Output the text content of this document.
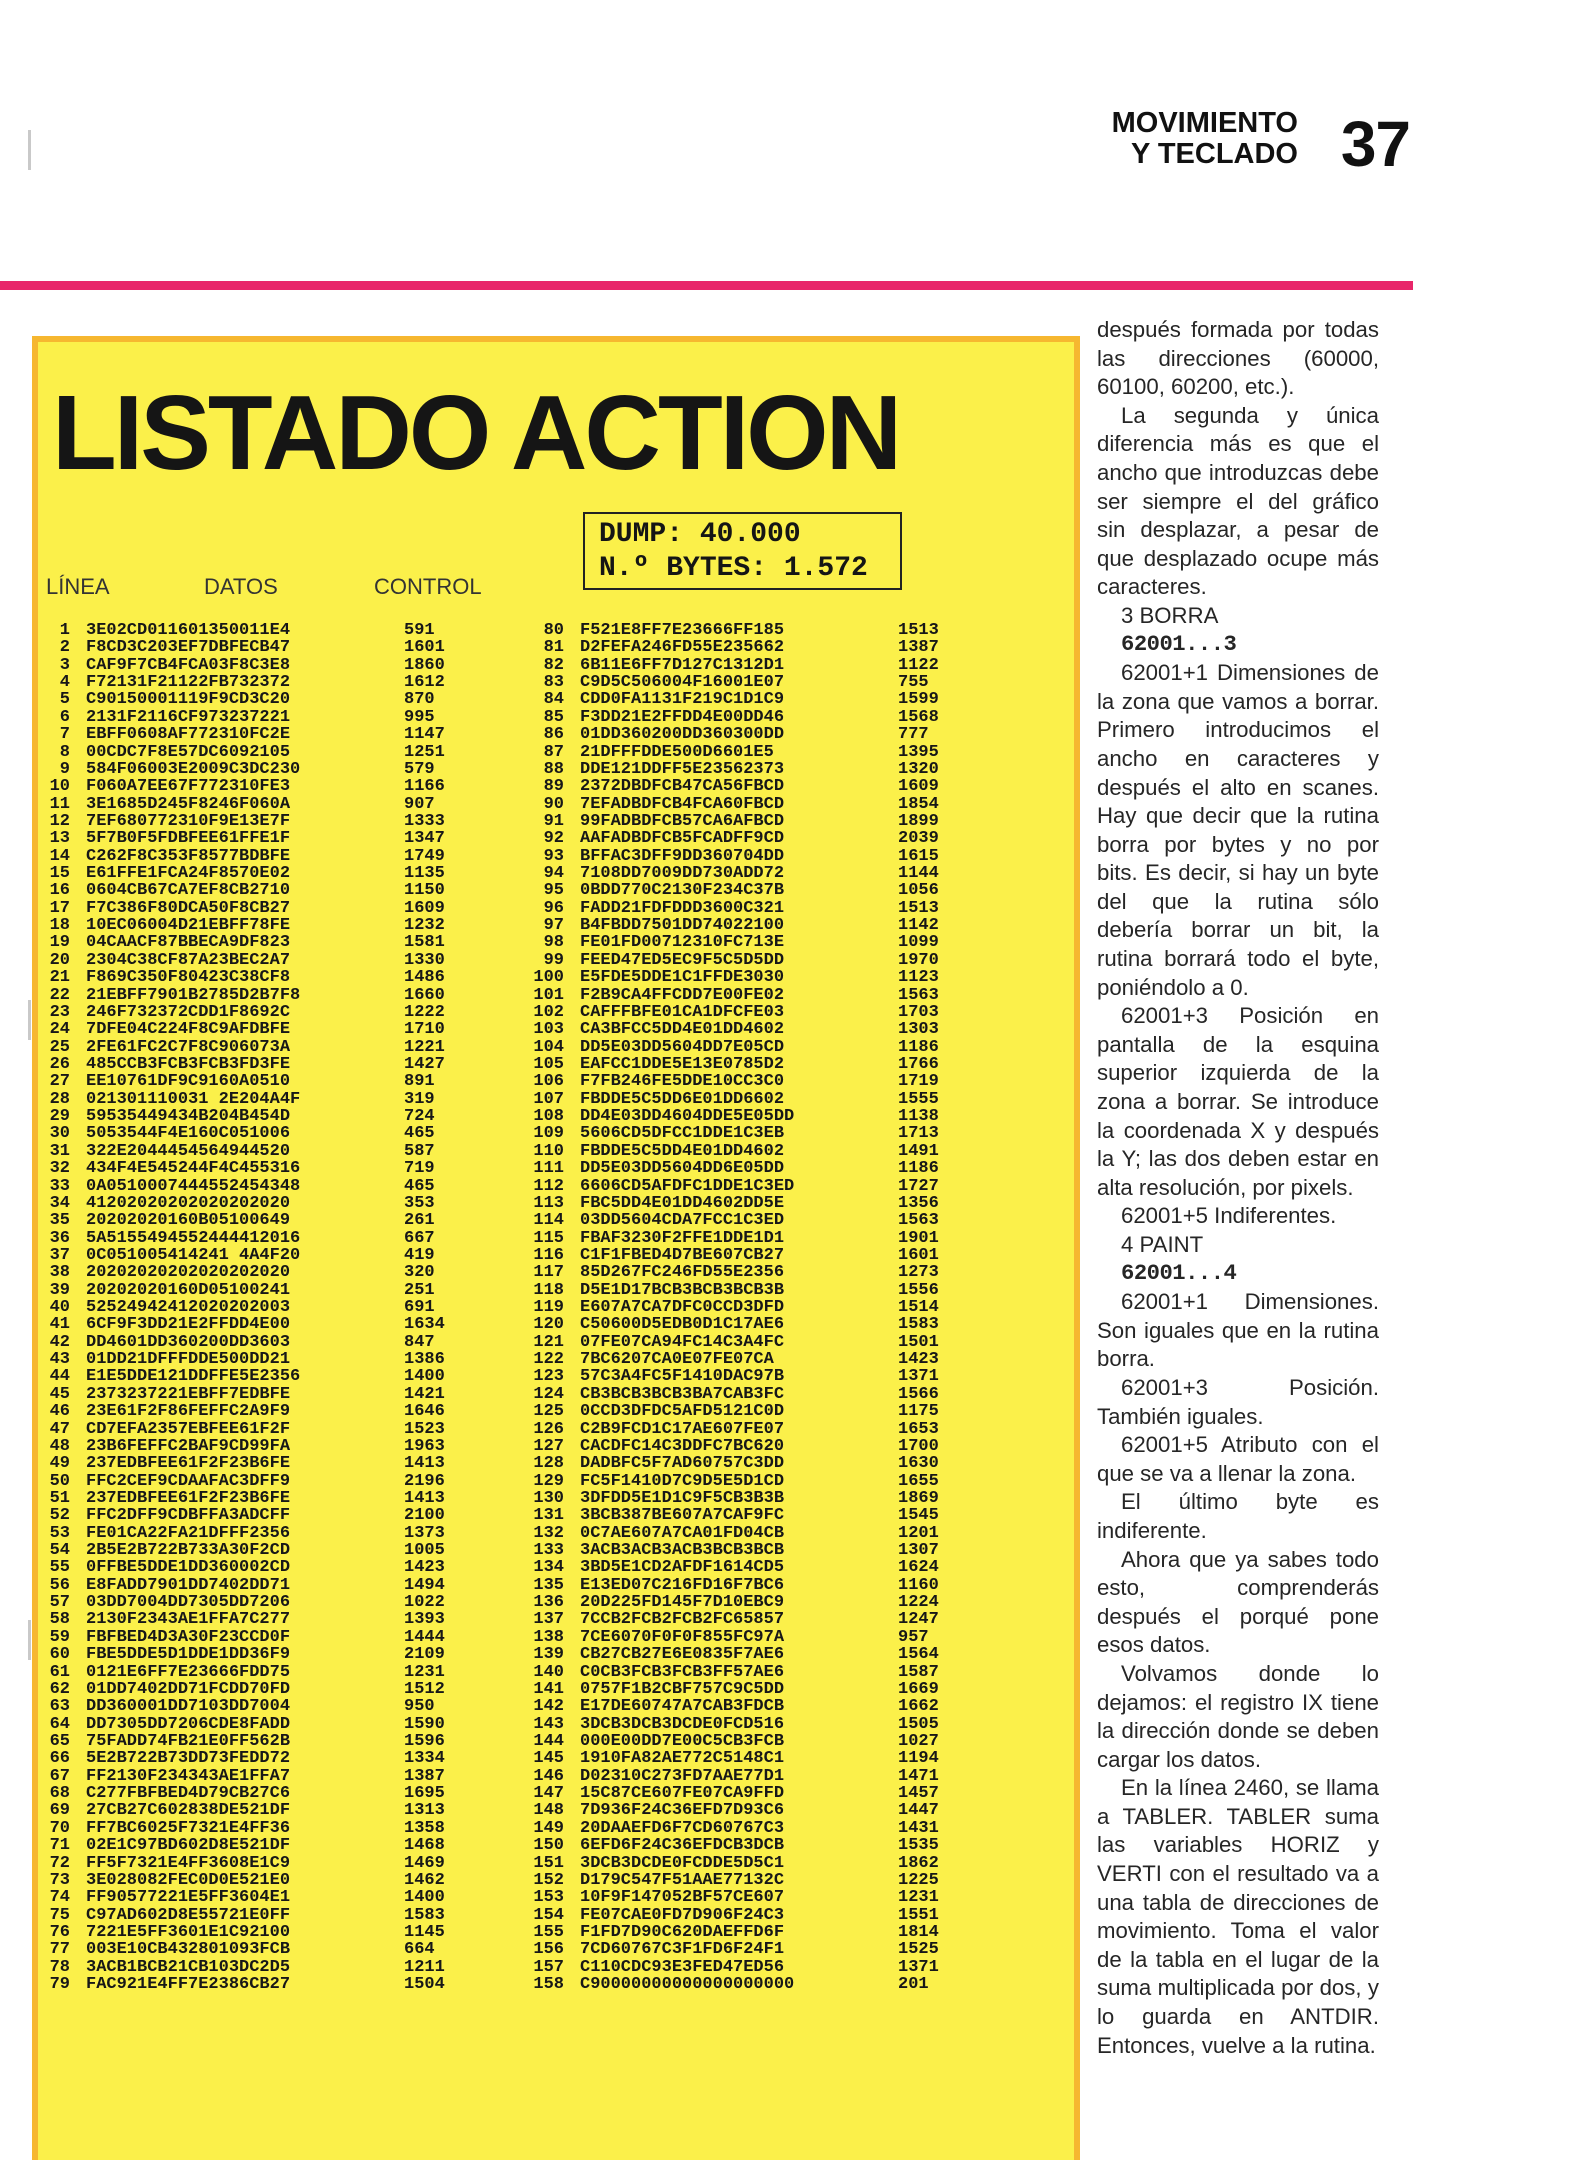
MOVIMIENTO
Y TECLADO 37
LISTADO ACTION
DUMP: 40.000
N.º BYTES: 1.572
LÍNEA	DATOS	CONTROL
1 3E02CD011601350011E4	591
2 F8CD3C203EF7DBFECB47	1601
3 CAF9F7CB4FCA03F8C3E8	1860
4 F72131F21122FB732372	1612
5 C90150001119F9CD3C20	870
6 2131F2116CF973237221	995
7 EBFF0608AF772310FC2E	1147
8 00CDC7F8E57DC6092105	1251
9 584F06003E2009C3DC230	579
10 F060A7EE67F772310FE3	1166
11 3E1685D245F8246F060A	907
12 7EF680772310F9E13E7F	1333
13 5F7B0F5FDBFEE61FFE1F	1347
14 C262F8C353F8577BDBFE	1749
15 E61FFE1FCA24F8570E02	1135
16 0604CB67CA7EF8CB2710	1150
17 F7C386F80DCA50F8CB27	1609
18 10EC06004D21EBFF78FE	1232
19 04CAACF87BBECA9DF823	1581
20 2304C38CF87A23BEC2A7	1330
21 F869C350F80423C38CF8	1486
22 21EBFF7901B2785D2B7F8	1660
23 246F732372CDD1F8692C	1222
24 7DFE04C224F8C9AFDBFE	1710
25 2FE61FC2C7F8C906073A	1221
26 485CCB3FCB3FCB3FD3FE	1427
27 EE10761DF9C9160A0510	891
28 021301110031 2E204A4F	319
29 59535449434B204B454D	724
30 5053544F4E160C051006	465
31 322E2044454564944520	587
32 434F4E545244F4C455316	719
33 0A0510007444552454348	465
34 41202020202020202020	353
35 20202020160B05100649	261
36 5A5155494552444412016	667
37 0C051005414241 4A4F20	419
38 20202020202020202020	320
39 20202020160D05100241	251
40 52524942412020202003	691
41 6CF9F3DD21E2FFDD4E00	1634
42 DD4601DD360200DD3603	847
43 01DD21DFFFDDE500DD21	1386
44 E1E5DDE121DDFFE5E2356	1400
45 2373237221EBFF7EDBFE	1421
46 23E61F2F86FEFFC2A9F9	1646
47 CD7EFA2357EBFEE61F2F	1523
48 23B6FEFFC2BAF9CD99FA	1963
49 237EDBFEE61F2F23B6FE	1413
50 FFC2CEF9CDAAFAC3DFF9	2196
51 237EDBFEE61F2F23B6FE	1413
52 FFC2DFF9CDBFFA3ADCFF	2100
53 FE01CA22FA21DFFF2356	1373
54 2B5E2B722B733A30F2CD	1005
55 0FFBE5DDE1DD360002CD	1423
56 E8FADD7901DD7402DD71	1494
57 03DD7004DD7305DD7206	1022
58 2130F2343AE1FFA7C277	1393
59 FBFBED4D3A30F23CCD0F	1444
60 FBE5DDE5D1DDE1DD36F9	2109
61 0121E6FF7E23666FDD75	1231
62 01DD7402DD71FCDD70FD	1512
63 DD360001DD7103DD7004	950
64 DD7305DD7206CDE8FADD	1590
65 75FADD74FB21E0FF562B	1596
66 5E2B722B73DD73FEDD72	1334
67 FF2130F234343AE1FFA7	1387
68 C277FBFBED4D79CB27C6	1695
69 27CB27C602838DE521DF	1313
70 FF7BC6025F7321E4FF36	1358
71 02E1C97BD602D8E521DF	1468
72 FF5F7321E4FF3608E1C9	1469
73 3E028082FEC0D0E521E0	1462
74 FF90577221E5FF3604E1	1400
75 C97AD602D8E55721E0FF	1583
76 7221E5FF3601E1C92100	1145
77 003E10CB432801093FCB	664
78 3ACB1BCB21CB103DC2D5	1211
79 FAC921E4FF7E2386CB27	1504
80 F521E8FF7E23666FF185	1513
81 D2FEFA246FD55E235662	1387
82 6B11E6FF7D127C1312D1	1122
83 C9D5C506004F16001E07	755
84 CDD0FA1131F219C1D1C9	1599
85 F3DD21E2FFDD4E00DD46	1568
86 01DD360200DD360300DD	777
87 21DFFFDDE500D6601E5	1395
88 DDE121DDFF5E23562373	1320
89 2372DBDFCB47CA56FBCD	1609
90 7EFADBDFCB4FCA60FBCD	1854
91 99FADBDFCB57CA6AFBCD	1899
92 AAFADBDFCB5FCADFF9CD	2039
93 BFFAC3DFF9DD360704DD	1615
94 7108DD7009DD730ADD72	1144
95 0BDD770C2130F234C37B	1056
96 FADD21FDFDDD3600C321	1513
97 B4FBDD7501DD74022100	1142
98 FE01FD00712310FC713E	1099
99 FEED47ED5EC9F5C5D5DD	1970
100 E5FDE5DDE1C1FFDE3030	1123
101 F2B9CA4FFCDD7E00FE02	1563
102 CAFFFBFE01CA1DFCFE03	1703
103 CA3BFCC5DD4E01DD4602	1303
104 DD5E03DD5604DD7E05CD	1186
105 EAFCC1DDE5E13E0785D2	1766
106 F7FB246FE5DDE10CC3C0	1719
107 FBDDE5C5DD6E01DD6602	1555
108 DD4E03DD4604DDE5E05DD	1138
109 5606CD5DFCC1DDE1C3EB	1713
110 FBDDE5C5DD4E01DD4602	1491
111 DD5E03DD5604DD6E05DD	1186
112 6606CD5AFDFC1DDE1C3ED	1727
113 FBC5DD4E01DD4602DD5E	1356
114 03DD5604CDA7FCC1C3ED	1563
115 FBAF3230F2FFE1DDE1D1	1901
116 C1F1FBED4D7BE607CB27	1601
117 85D267FC246FD55E2356	1273
118 D5E1D17BCB3BCB3BCB3B	1556
119 E607A7CA7DFC0CCD3DFD	1514
120 C50600D5EDB0D1C17AE6	1583
121 07FE07CA94FC14C3A4FC	1501
122 7BC6207CA0E07FE07CA	1423
123 57C3A4FC5F1410DAC97B	1371
124 CB3BCB3BCB3BA7CAB3FC	1566
125 0CCD3DFDC5AFD5121C0D	1175
126 C2B9FCD1C17AE607FE07	1653
127 CACDFC14C3DDFC7BC620	1700
128 DADBFC5F7AD60757C3DD	1630
129 FC5F1410D7C9D5E5D1CD	1655
130 3DFDD5E1D1C9F5CB3B3B	1869
131 3BCB387BE607A7CAF9FC	1545
132 0C7AE607A7CA01FD04CB	1201
133 3ACB3ACB3ACB3BCB3BCB	1307
134 3BD5E1CD2AFDF1614CD5	1624
135 E13ED07C216FD16F7BC6	1160
136 20D225FD145F7D10EBC9	1224
137 7CCB2FCB2FCB2FC65857	1247
138 7CE6070F0F0F855FC97A	957
139 CB27CB27E6E0835F7AE6	1564
140 C0CB3FCB3FCB3FF57AE6	1587
141 0757F1B2CBF757C9C5DD	1669
142 E17DE60747A7CAB3FDCB	1662
143 3DCB3DCB3DCDE0FCD516	1505
144 000E00DD7E00C5CB3FCB	1027
145 1910FA82AE772C5148C1	1194
146 D02310C273FD7AAE77D1	1471
147 15C87CE607FE07CA9FFD	1457
148 7D936F24C36EFD7D93C6	1447
149 20DAAEFD6F7CD60767C3	1431
150 6EFD6F24C36EFDCB3DCB	1535
151 3DCB3DCDE0FCDDE5D5C1	1862
152 D179C547F51AAE77132C	1225
153 10F9F147052BF57CE607	1231
154 FE07CAE0FD7D906F24C3	1551
155 F1FD7D90C620DAEFFD6F	1814
156 7CD60767C3F1FD6F24F1	1525
157 C110CDC93E3FED47ED56	1371
158 C90000000000000000000	201

después formada por todas las direcciones (60000, 60100, 60200, etc.).

La segunda y única diferencia más es que el ancho que introduzcas debe ser siempre el del gráfico sin desplazar, a pesar de que desplazado ocupe más caracteres.

3 BORRA

62001...3

62001+1 Dimensiones de la zona que vamos a borrar. Primero introducimos el ancho en caracteres y después el alto en scanes. Hay que decir que la rutina borra por bytes y no por bits. Es decir, si hay un byte del que la rutina sólo debería borrar un bit, la rutina borrará todo el byte, poniéndolo a 0.

62001+3 Posición en pantalla de la esquina superior izquierda de la zona a borrar. Se introduce la coordenada X y después la Y; las dos deben estar en alta resolución, por pixels.

62001+5 Indiferentes.

4 PAINT

62001...4

62001+1 Dimensiones. Son iguales que en la rutina borra.

62001+3 Posición. También iguales.

62001+5 Atributo con el que se va a llenar la zona.

El último byte es indiferente.

Ahora que ya sabes todo esto, comprenderás después el porqué pone esos datos.

Volvamos donde lo dejamos: el registro IX tiene la dirección donde se deben cargar los datos.

En la línea 2460, se llama a TABLER. TABLER suma las variables HORIZ y VERTI con el resultado va a una tabla de direcciones de movimiento. Toma el valor de la tabla en el lugar de la suma multiplicada por dos, y lo guarda en ANTDIR. Entonces, vuelve a la rutina.
